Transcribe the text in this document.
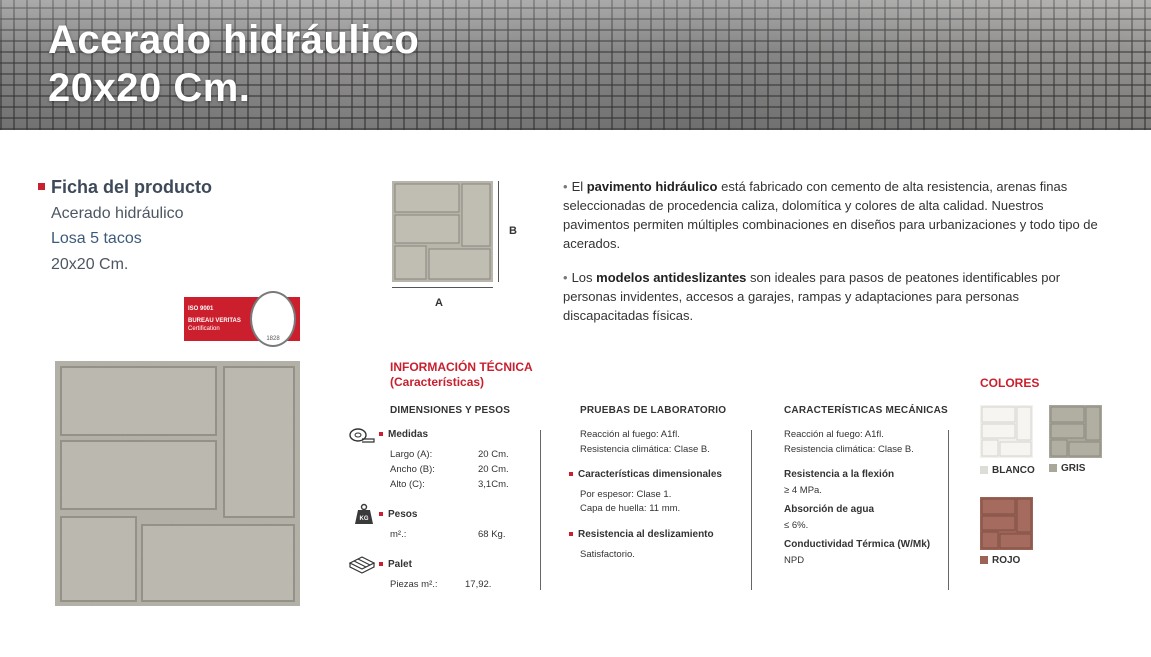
Acerado hidráulico
20x20 Cm.
Ficha del producto
Acerado hidráulico
Losa 5 tacos
20x20 Cm.
ISO 9001
BUREAU VERITAS
Certification
1828
B
A
• El pavimento hidráulico está fabricado con cemento de alta resistencia, arenas finas seleccionadas de procedencia caliza, dolomítica y colores de alta calidad. Nuestros pavimentos permiten múltiples combinaciones en diseños para urbanizaciones y todo tipo de acerados.
• Los modelos antideslizantes son ideales para pasos de peatones identificables por personas invidentes, accesos a garajes, rampas y adaptaciones para personas discapacitadas físicas.
INFORMACIÓN TÉCNICA
(Características)
DIMENSIONES Y PESOS
Medidas
Largo (A):	20 Cm.
Ancho (B):	20 Cm.
Alto (C):	3,1Cm.
KG	Pesos
m².:	68 Kg.
Palet
Piezas m².:	17,92.
PRUEBAS DE LABORATORIO
Reacción al fuego: A1fl.
Resistencia climática: Clase B.
Características dimensionales
Por espesor: Clase 1.
Capa de huella: 11 mm.
Resistencia al deslizamiento
Satisfactorio.
CARACTERÍSTICAS MECÁNICAS
Reacción al fuego: A1fl.
Resistencia climática: Clase B.
Resistencia a la flexión
≥ 4 MPa.
Absorción de agua
≤ 6%.
Conductividad Térmica (W/Mk)
NPD
COLORES
BLANCO	GRIS
ROJO
